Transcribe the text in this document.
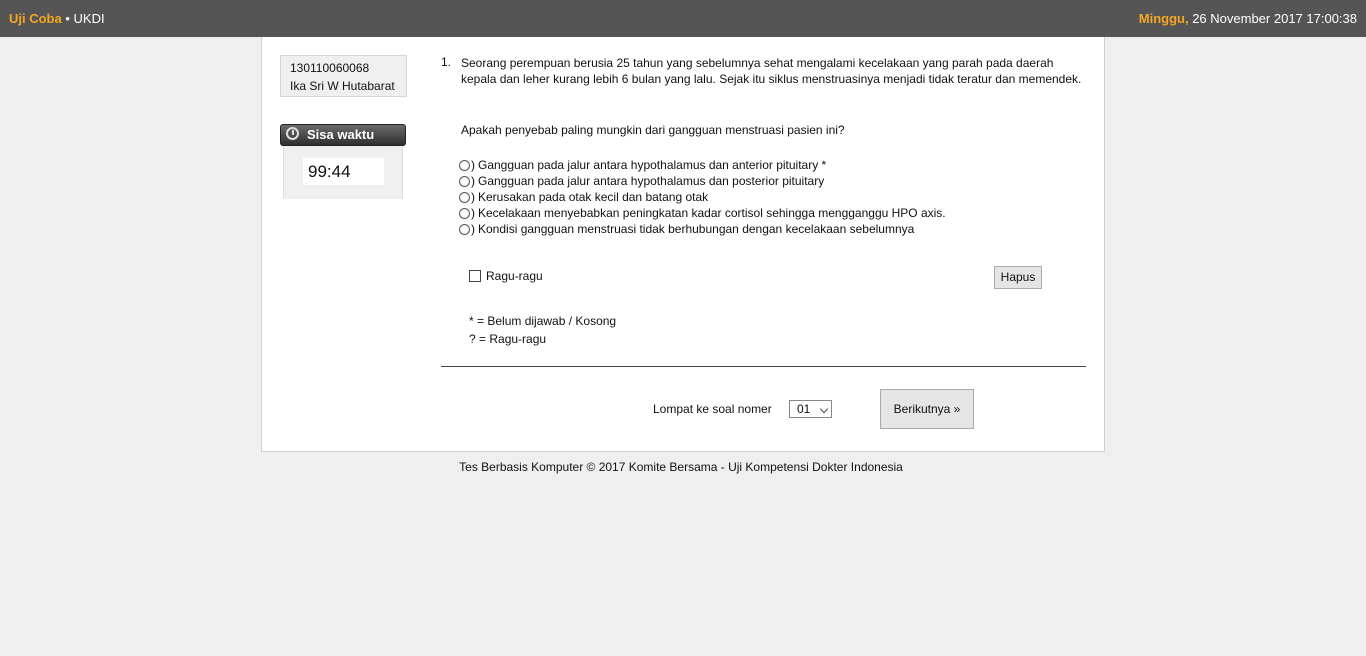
Uji Coba • UKDI	Minggu, 26 November 2017 17:00:38
130110060068
Ika Sri W Hutabarat
Sisa waktu
99:44
1. Seorang perempuan berusia 25 tahun yang sebelumnya sehat mengalami kecelakaan yang parah pada daerah kepala dan leher kurang lebih 6 bulan yang lalu. Sejak itu siklus menstruasinya menjadi tidak teratur dan memendek.
Apakah penyebab paling mungkin dari gangguan menstruasi pasien ini?
) Gangguan pada jalur antara hypothalamus dan anterior pituitary *
) Gangguan pada jalur antara hypothalamus dan posterior pituitary
) Kerusakan pada otak kecil dan batang otak
) Kecelakaan menyebabkan peningkatan kadar cortisol sehingga mengganggu HPO axis.
) Kondisi gangguan menstruasi tidak berhubungan dengan kecelakaan sebelumnya
Ragu-ragu	Hapus
* = Belum dijawab / Kosong
? = Ragu-ragu
Lompat ke soal nomer	01	Berikutnya »
Tes Berbasis Komputer © 2017 Komite Bersama - Uji Kompetensi Dokter Indonesia
